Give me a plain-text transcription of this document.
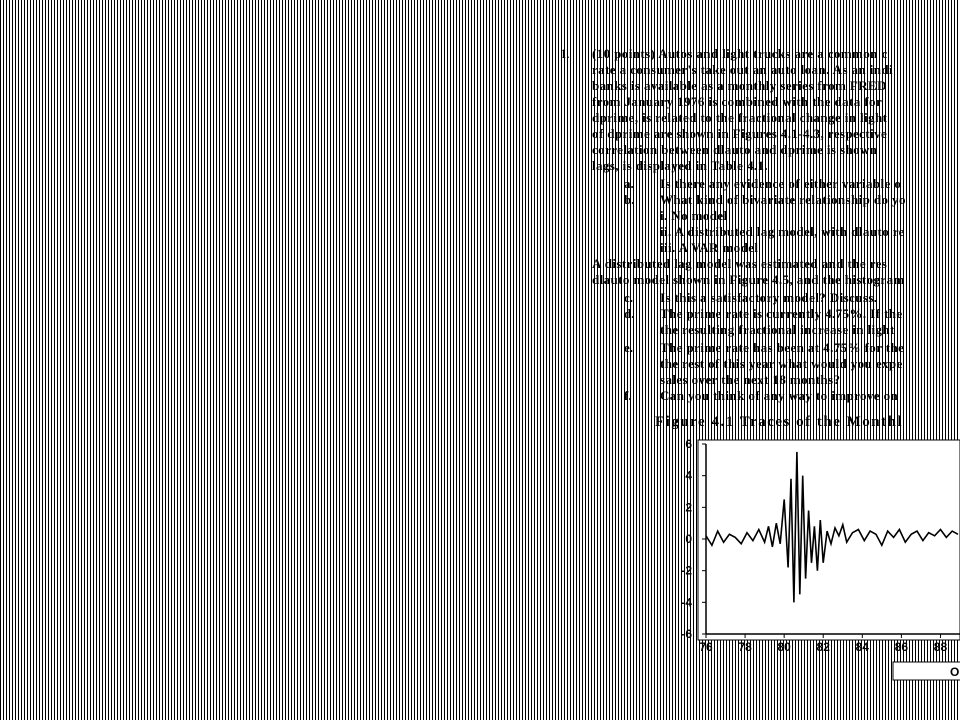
1. (10 points) Autos and light trucks are a common c
rate a consumer's take out an auto loan. As an indi
banks is available as a monthly series from FRED
from January 1976 is combined with the data for
dprime, is related to the fractional change in light
of dprime are shown in Figures 4.1-4.3, respective
correlation between dlauto and dprime is shown
lags, is displayed in Table 4.1.
a. Is there any evidence of either variable o
b. What kind of bivariate relationship do yo
i. No model
ii. A distributed lag model, with dlauto re
iii. A VAR model
A distributed lag model was estimated and the res
dlauto model shown in Figure 4.5, and the histogram
c. Is this a satisfactory model? Discuss.
d. The prime rate is currently 4.75%. If the
the resulting fractional increase in light
e. The prime rate has been at 4.75% for the
the rest of this year what would you expe
sales over the next 18 months?
f. Can you think of any way to improve on
Figure 4.1 Traces of the Monthl
6
4
2
0
-2
-4
-6
76 78 80 82 84 86 88
O
